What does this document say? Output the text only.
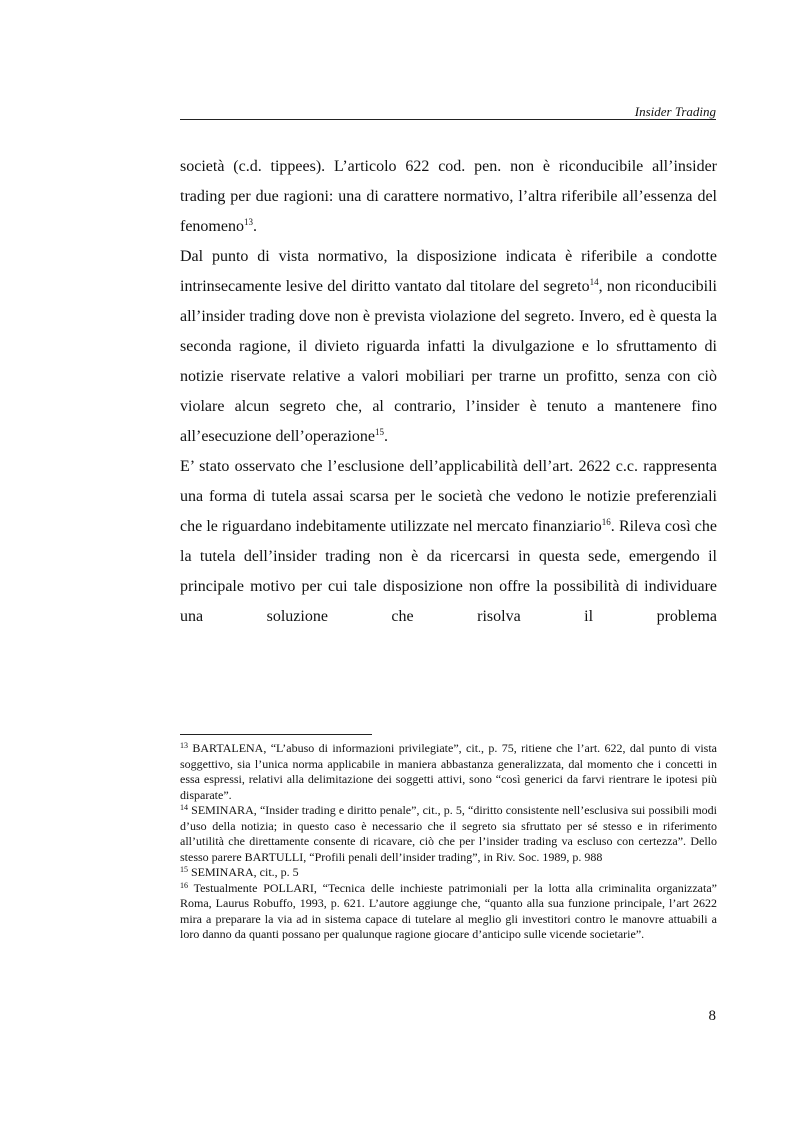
Insider Trading

società (c.d. tippees). L’articolo 622 cod. pen. non è riconducibile all’insider trading per due ragioni: una di carattere normativo, l’altra riferibile all’essenza del fenomeno$^{13}$.

Dal punto di vista normativo, la disposizione indicata è riferibile a condotte intrinsecamente lesive del diritto vantato dal titolare del segreto$^{14}$, non riconducibili all’insider trading dove non è prevista violazione del segreto. Invero, ed è questa la seconda ragione, il divieto riguarda infatti la divulgazione e lo sfruttamento di notizie riservate relative a valori mobiliari per trarne un profitto, senza con ciò violare alcun segreto che, al contrario, l’insider è tenuto a mantenere fino all’esecuzione dell’operazione$^{15}$.

E’ stato osservato che l’esclusione dell’applicabilità dell’art. 2622 c.c. rappresenta una forma di tutela assai scarsa per le società che vedono le notizie preferenziali che le riguardano indebitamente utilizzate nel mercato finanziario$^{16}$. Rileva così che la tutela dell’insider trading non è da ricercarsi in questa sede, emergendo il principale motivo per cui tale disposizione non offre la possibilità di individuare una soluzione che risolva il problema

$^{13}$ BARTALENA, “L’abuso di informazioni privilegiate”, cit., p. 75, ritiene che l’art. 622, dal punto di vista soggettivo, sia l’unica norma applicabile in maniera abbastanza generalizzata, dal momento che i concetti in essa espressi, relativi alla delimitazione dei soggetti attivi, sono “così generici da farvi rientrare le ipotesi più disparate”.

$^{14}$ SEMINARA, “Insider trading e diritto penale”, cit., p. 5, “diritto consistente nell’esclusiva sui possibili modi d’uso della notizia; in questo caso è necessario che il segreto sia sfruttato per sé stesso e in riferimento all’utilità che direttamente consente di ricavare, ciò che per l’insider trading va escluso con certezza”. Dello stesso parere BARTULLI, “Profili penali dell’insider trading”, in Riv. Soc. 1989, p. 988

$^{15}$ SEMINARA, cit., p. 5

$^{16}$ Testualmente POLLARI, “Tecnica delle inchieste patrimoniali per la lotta alla criminalita organizzata” Roma, Laurus Robuffo, 1993, p. 621. L’autore aggiunge che, “quanto alla sua funzione principale, l’art 2622 mira a preparare la via ad in sistema capace di tutelare al meglio gli investitori contro le manovre attuabili a loro danno da quanti possano per qualunque ragione giocare d’anticipo sulle vicende societarie”.

8
